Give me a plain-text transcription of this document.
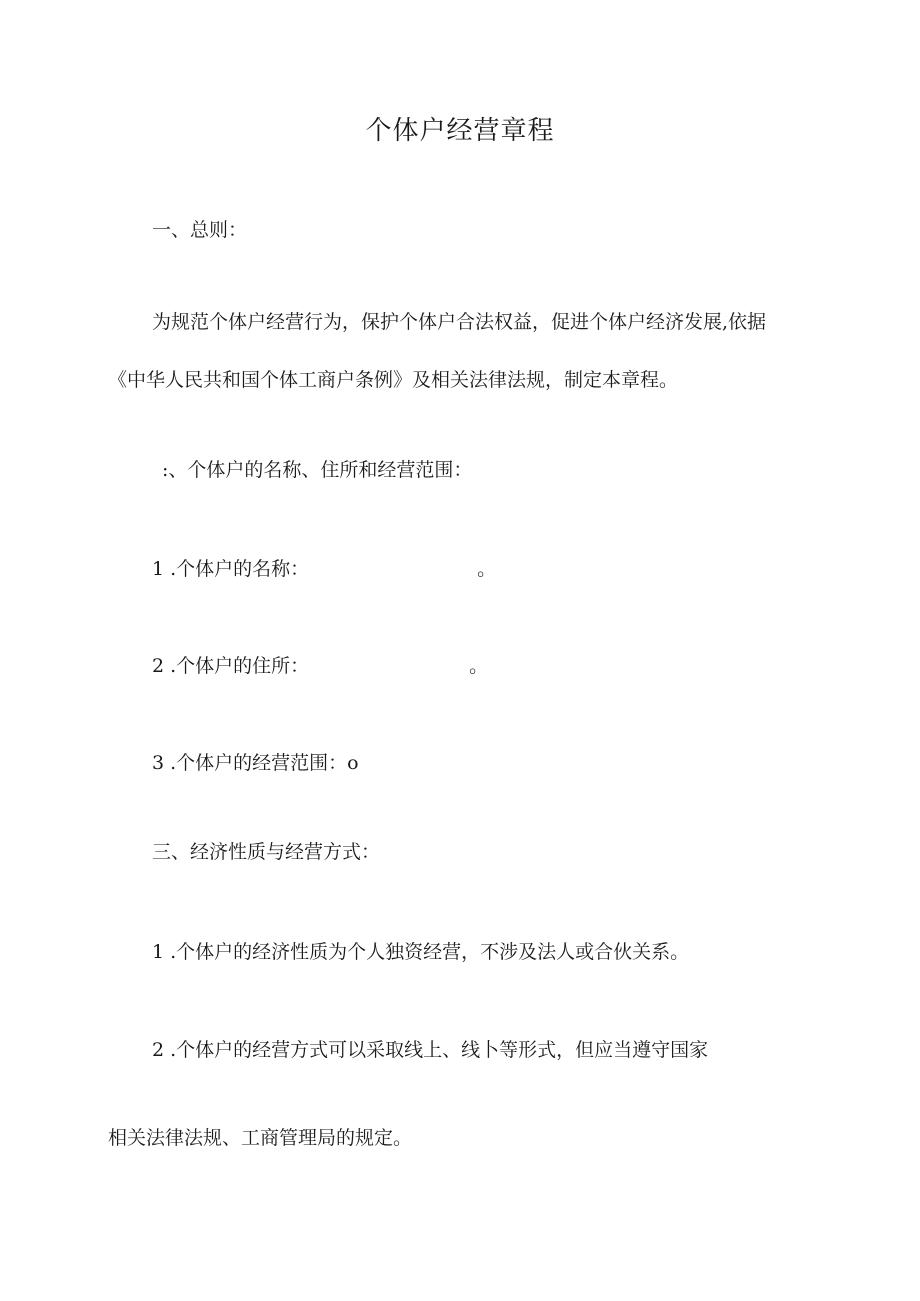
个体户经营章程
一、总则：
为规范个体户经营行为，保护个体户合法权益，促进个体户经济发展,依据
《中华人民共和国个体工商户条例》及相关法律法规，制定本章程。
:、个体户的名称、住所和经营范围：
1 .个体户的名称：	。
2 .个体户的住所：	。
3 .个体户的经营范围：o
三、经济性质与经营方式：
1 .个体户的经济性质为个人独资经营，不涉及法人或合伙关系。
2 .个体户的经营方式可以采取线上、线卜等形式，但应当遵守国家
相关法律法规、工商管理局的规定。
